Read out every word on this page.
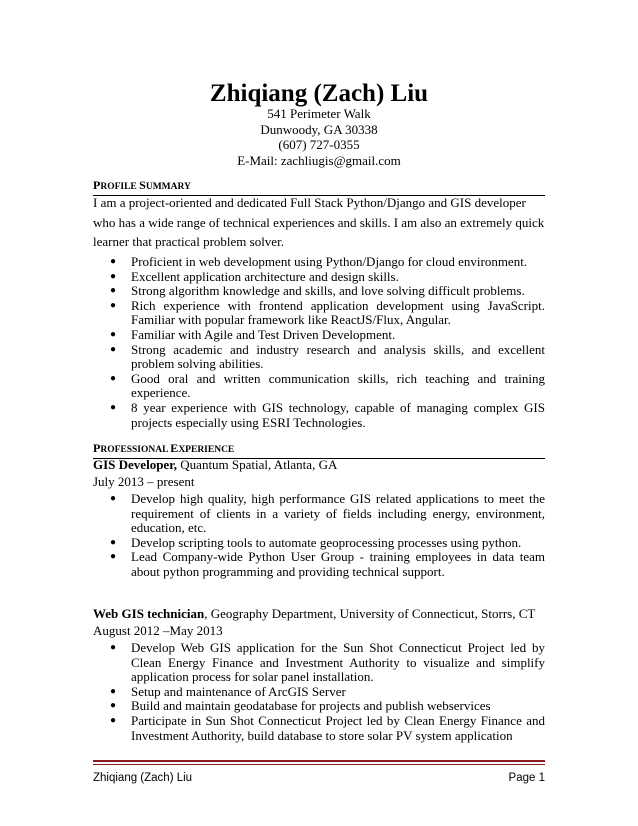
Zhiqiang (Zach) Liu
541 Perimeter Walk
Dunwoody, GA 30338
(607) 727-0355
E-Mail: zachliugis@gmail.com
PROFILE SUMMARY
I am a project-oriented and dedicated Full Stack Python/Django and GIS developer who has a wide range of technical experiences and skills. I am also an extremely quick learner that practical problem solver.
● Proficient in web development using Python/Django for cloud environment.
● Excellent application architecture and design skills.
● Strong algorithm knowledge and skills, and love solving difficult problems.
● Rich experience with frontend application development using JavaScript. Familiar with popular framework like ReactJS/Flux, Angular.
● Familiar with Agile and Test Driven Development.
● Strong academic and industry research and analysis skills, and excellent problem solving abilities.
● Good oral and written communication skills, rich teaching and training experience.
● 8 year experience with GIS technology, capable of managing complex GIS projects especially using ESRI Technologies.
PROFESSIONAL EXPERIENCE
GIS Developer, Quantum Spatial, Atlanta, GA
July 2013 – present
● Develop high quality, high performance GIS related applications to meet the requirement of clients in a variety of fields including energy, environment, education, etc.
● Develop scripting tools to automate geoprocessing processes using python.
● Lead Company-wide Python User Group - training employees in data team about python programming and providing technical support.
Web GIS technician, Geography Department, University of Connecticut, Storrs, CT
August 2012 –May 2013
● Develop Web GIS application for the Sun Shot Connecticut Project led by Clean Energy Finance and Investment Authority to visualize and simplify application process for solar panel installation.
● Setup and maintenance of ArcGIS Server
● Build and maintain geodatabase for projects and publish webservices
● Participate in Sun Shot Connecticut Project led by Clean Energy Finance and Investment Authority, build database to store solar PV system application
Zhiqiang (Zach) Liu	Page 1
